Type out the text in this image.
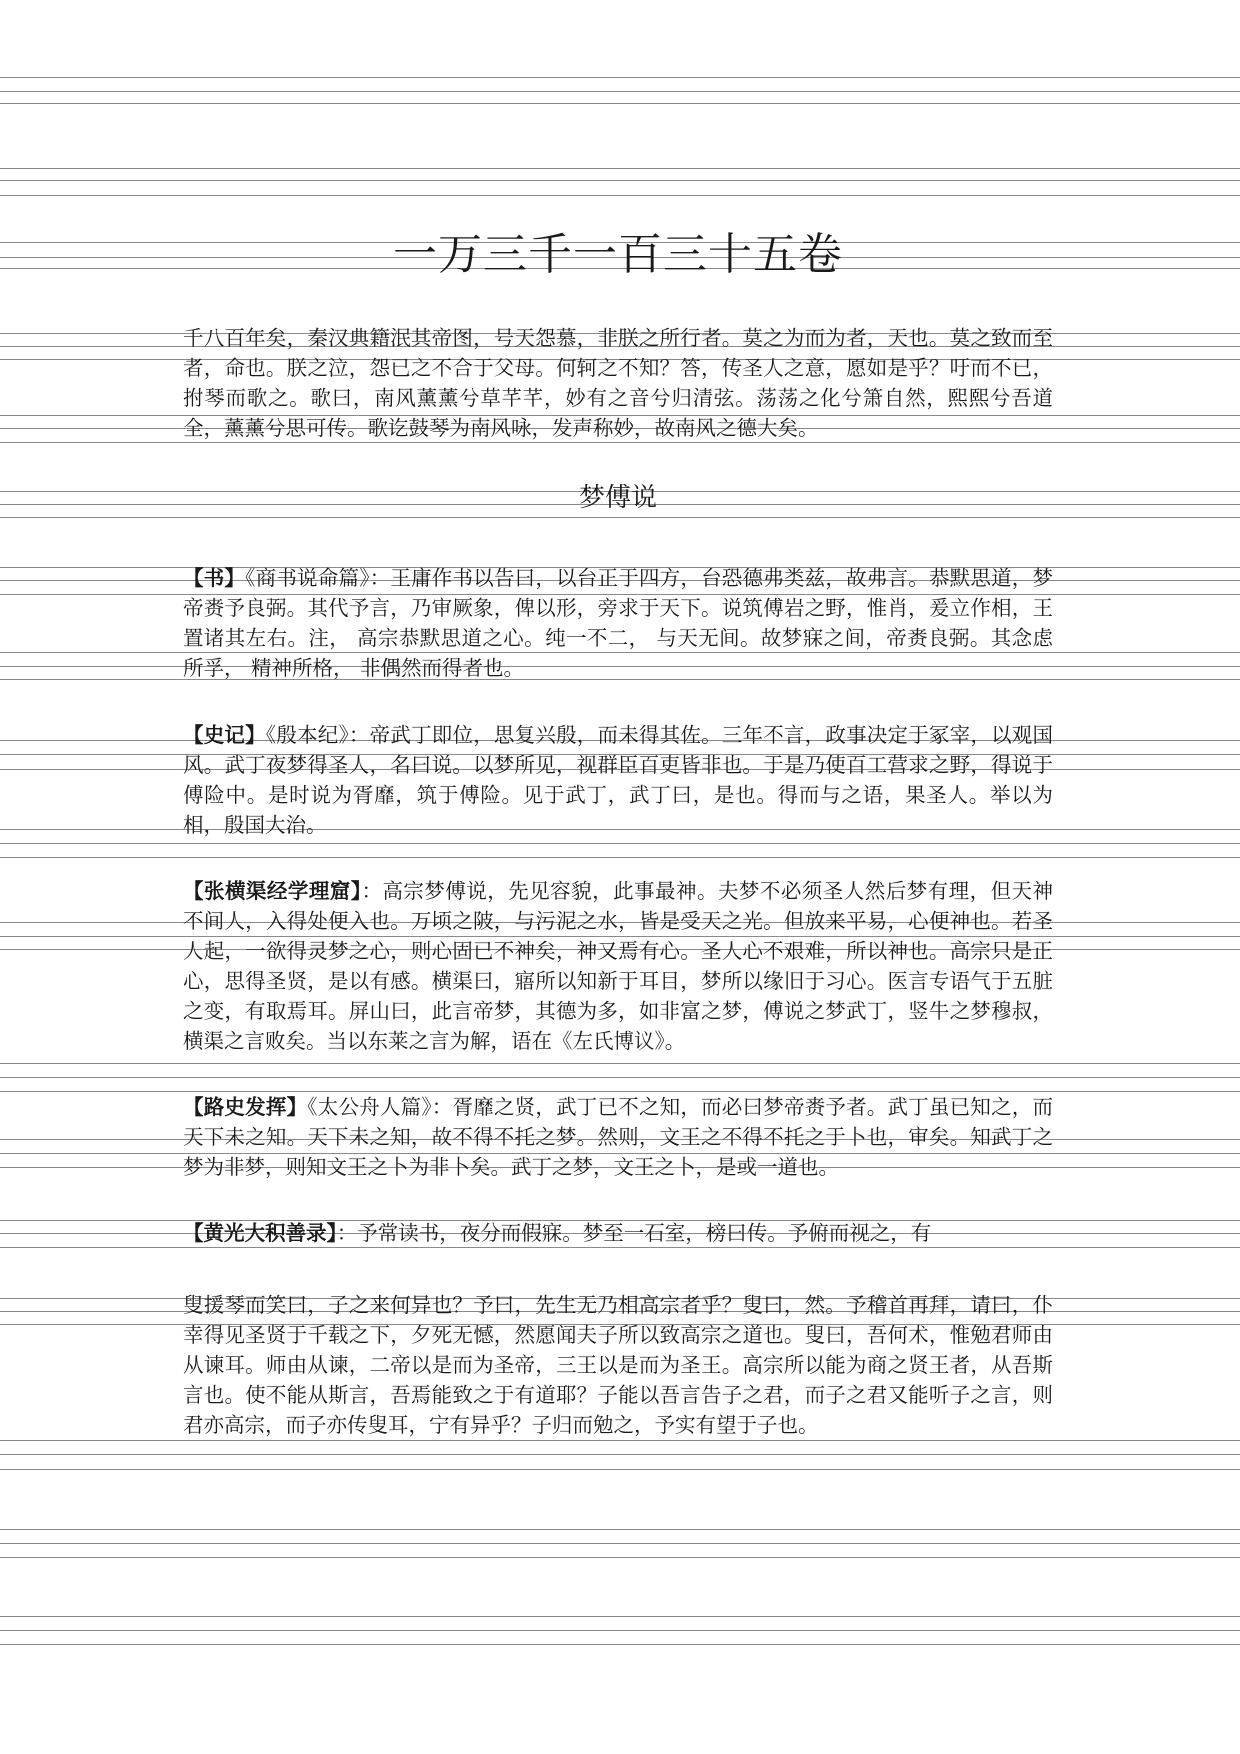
一万三千一百三十五卷
千八百年矣，秦汉典籍泯其帝图，号天怨慕，非朕之所行者。莫之为而为者，天也。莫之致而至者，命也。朕之泣，怨已之不合于父母。何轲之不知？答，传圣人之意，愿如是乎？吁而不已，拊琴而歌之。歌曰，南风薰薰兮草芊芊，妙有之音兮归清弦。荡荡之化兮箫自然，熙熙兮吾道全，薰薰兮思可传。歌讫鼓琴为南风咏，发声称妙，故南风之德大矣。
梦傅说
【书】《商书说命篇》：王庸作书以告曰，以台正于四方，台恐德弗类兹，故弗言。恭默思道，梦帝赉予良弼。其代予言，乃审厥象，俾以形，旁求于天下。说筑傅岩之野，惟肖，爰立作相，王置诸其左右。注， 高宗恭默思道之心。纯一不二， 与天无间。故梦寐之间，帝赉良弼。其念虑所孚， 精神所格， 非偶然而得者也。
【史记】《殷本纪》：帝武丁即位，思复兴殷，而未得其佐。三年不言，政事决定于冢宰，以观国风。武丁夜梦得圣人，名曰说。以梦所见，视群臣百吏皆非也。于是乃使百工营求之野，得说于傅险中。是时说为胥靡，筑于傅险。见于武丁，武丁曰，是也。得而与之语，果圣人。举以为相，殷国大治。
【张横渠经学理窟】：高宗梦傅说，先见容貌，此事最神。夫梦不必须圣人然后梦有理，但天神不间人，入得处便入也。万顷之陂，与污泥之水，皆是受天之光。但放来平易，心便神也。若圣人起，一欲得灵梦之心，则心固已不神矣，神又焉有心。圣人心不艰难，所以神也。高宗只是正心，思得圣贤，是以有感。横渠曰，寤所以知新于耳目，梦所以缘旧于习心。医言专语气于五脏之变，有取焉耳。屏山曰，此言帝梦，其德为多，如非富之梦，傅说之梦武丁，竖牛之梦穆叔，横渠之言败矣。当以东莱之言为解，语在《左氏博议》。
【路史发挥】《太公舟人篇》：胥靡之贤，武丁已不之知，而必曰梦帝赉予者。武丁虽已知之，而天下未之知。天下未之知，故不得不托之梦。然则，文王之不得不托之于卜也，审矣。知武丁之梦为非梦，则知文王之卜为非卜矣。武丁之梦，文王之卜，是或一道也。
【黄光大积善录】：予常读书，夜分而假寐。梦至一石室，榜曰传。予俯而视之，有
叟援琴而笑曰，子之来何异也？予曰，先生无乃相高宗者乎？叟曰，然。予稽首再拜，请曰，仆幸得见圣贤于千载之下，夕死无憾，然愿闻夫子所以致高宗之道也。叟曰，吾何术，惟勉君师由从谏耳。师由从谏，二帝以是而为圣帝，三王以是而为圣王。高宗所以能为商之贤王者，从吾斯言也。使不能从斯言，吾焉能致之于有道耶？子能以吾言告子之君，而子之君又能听子之言，则君亦高宗，而子亦传叟耳，宁有异乎？子归而勉之，予实有望于子也。
